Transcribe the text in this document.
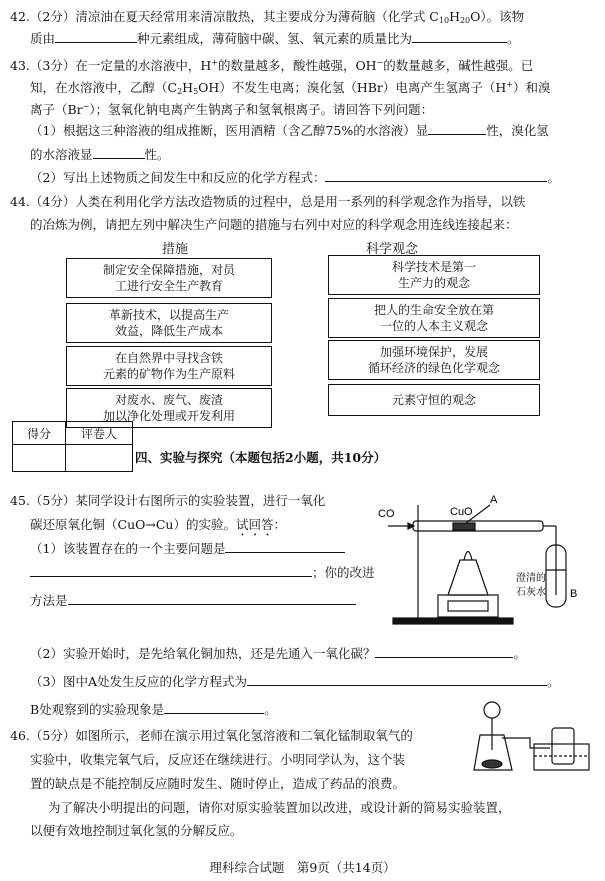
42.（2分）清凉油在夏天经常用来清凉散热，其主要成分为薄荷脑（化学式 $C_{10}H_{20}O$）。该物
质由	种元素组成，薄荷脑中碳、氢、氧元素的质量比为	。
43.（3分）在一定量的水溶液中，H+的数量越多，酸性越强，OH−的数量越多，碱性越强。已
知，在水溶液中，乙醇$(C_2H_5OH)$不发生电离；溴化氢（HBr）电离产生氢离子（H+）和溴
离子（Br−）；氢氧化钠电离产生钠离子和氢氧根离子。请回答下列问题：
（1）根据这三种溶液的组成推断，医用酒精（含乙醇75%的水溶液）显	性，溴化氢
的水溶液显	性。
（2）写出上述物质之间发生中和反应的化学方程式：	。
44.（4分）人类在利用化学方法改造物质的过程中，总是用一系列的科学观念作为指导，以铁
的冶炼为例，请把左列中解决生产问题的措施与右列中对应的科学观念用连线连接起来：
措施	科学观念
制定安全保障措施，对员
工进行安全生产教育
革新技术，以提高生产
效益，降低生产成本
在自然界中寻找含铁
元素的矿物作为生产原料
对废水、废气、废渣
加以净化处理或开发利用
科学技术是第一
生产力的观念
把人的生命安全放在第
一位的人本主义观念
加强环境保护，发展
循环经济的绿色化学观念
元素守恒的观念
得分	评卷人

四、实验与探究（本题包括2小题，共10分）
45.（5分）某同学设计右图所示的实验装置，进行一氧化
碳还原氧化铜（CuO→Cu）的实验。试回答：
（1）该装置存在的一个主要问题是
；你的改进
方法是
（2）实验开始时，是先给氧化铜加热，还是先通入一氧化碳？	。
（3）图中A处发生反应的化学方程式为	。
B处观察到的实验现象是	。
CO	CuO
A
澄清的
石灰水 B
46.（5分）如图所示，老师在演示用过氧化氢溶液和二氧化锰制取氧气的
实验中，收集完氧气后，反应还在继续进行。小明同学认为，这个装
置的缺点是不能控制反应随时发生、随时停止，造成了药品的浪费。
为了解决小明提出的问题，请你对原实验装置加以改进，或设计新的简易实验装置，
以便有效地控制过氧化氢的分解反应。
理科综合试题　第9页（共14页）
